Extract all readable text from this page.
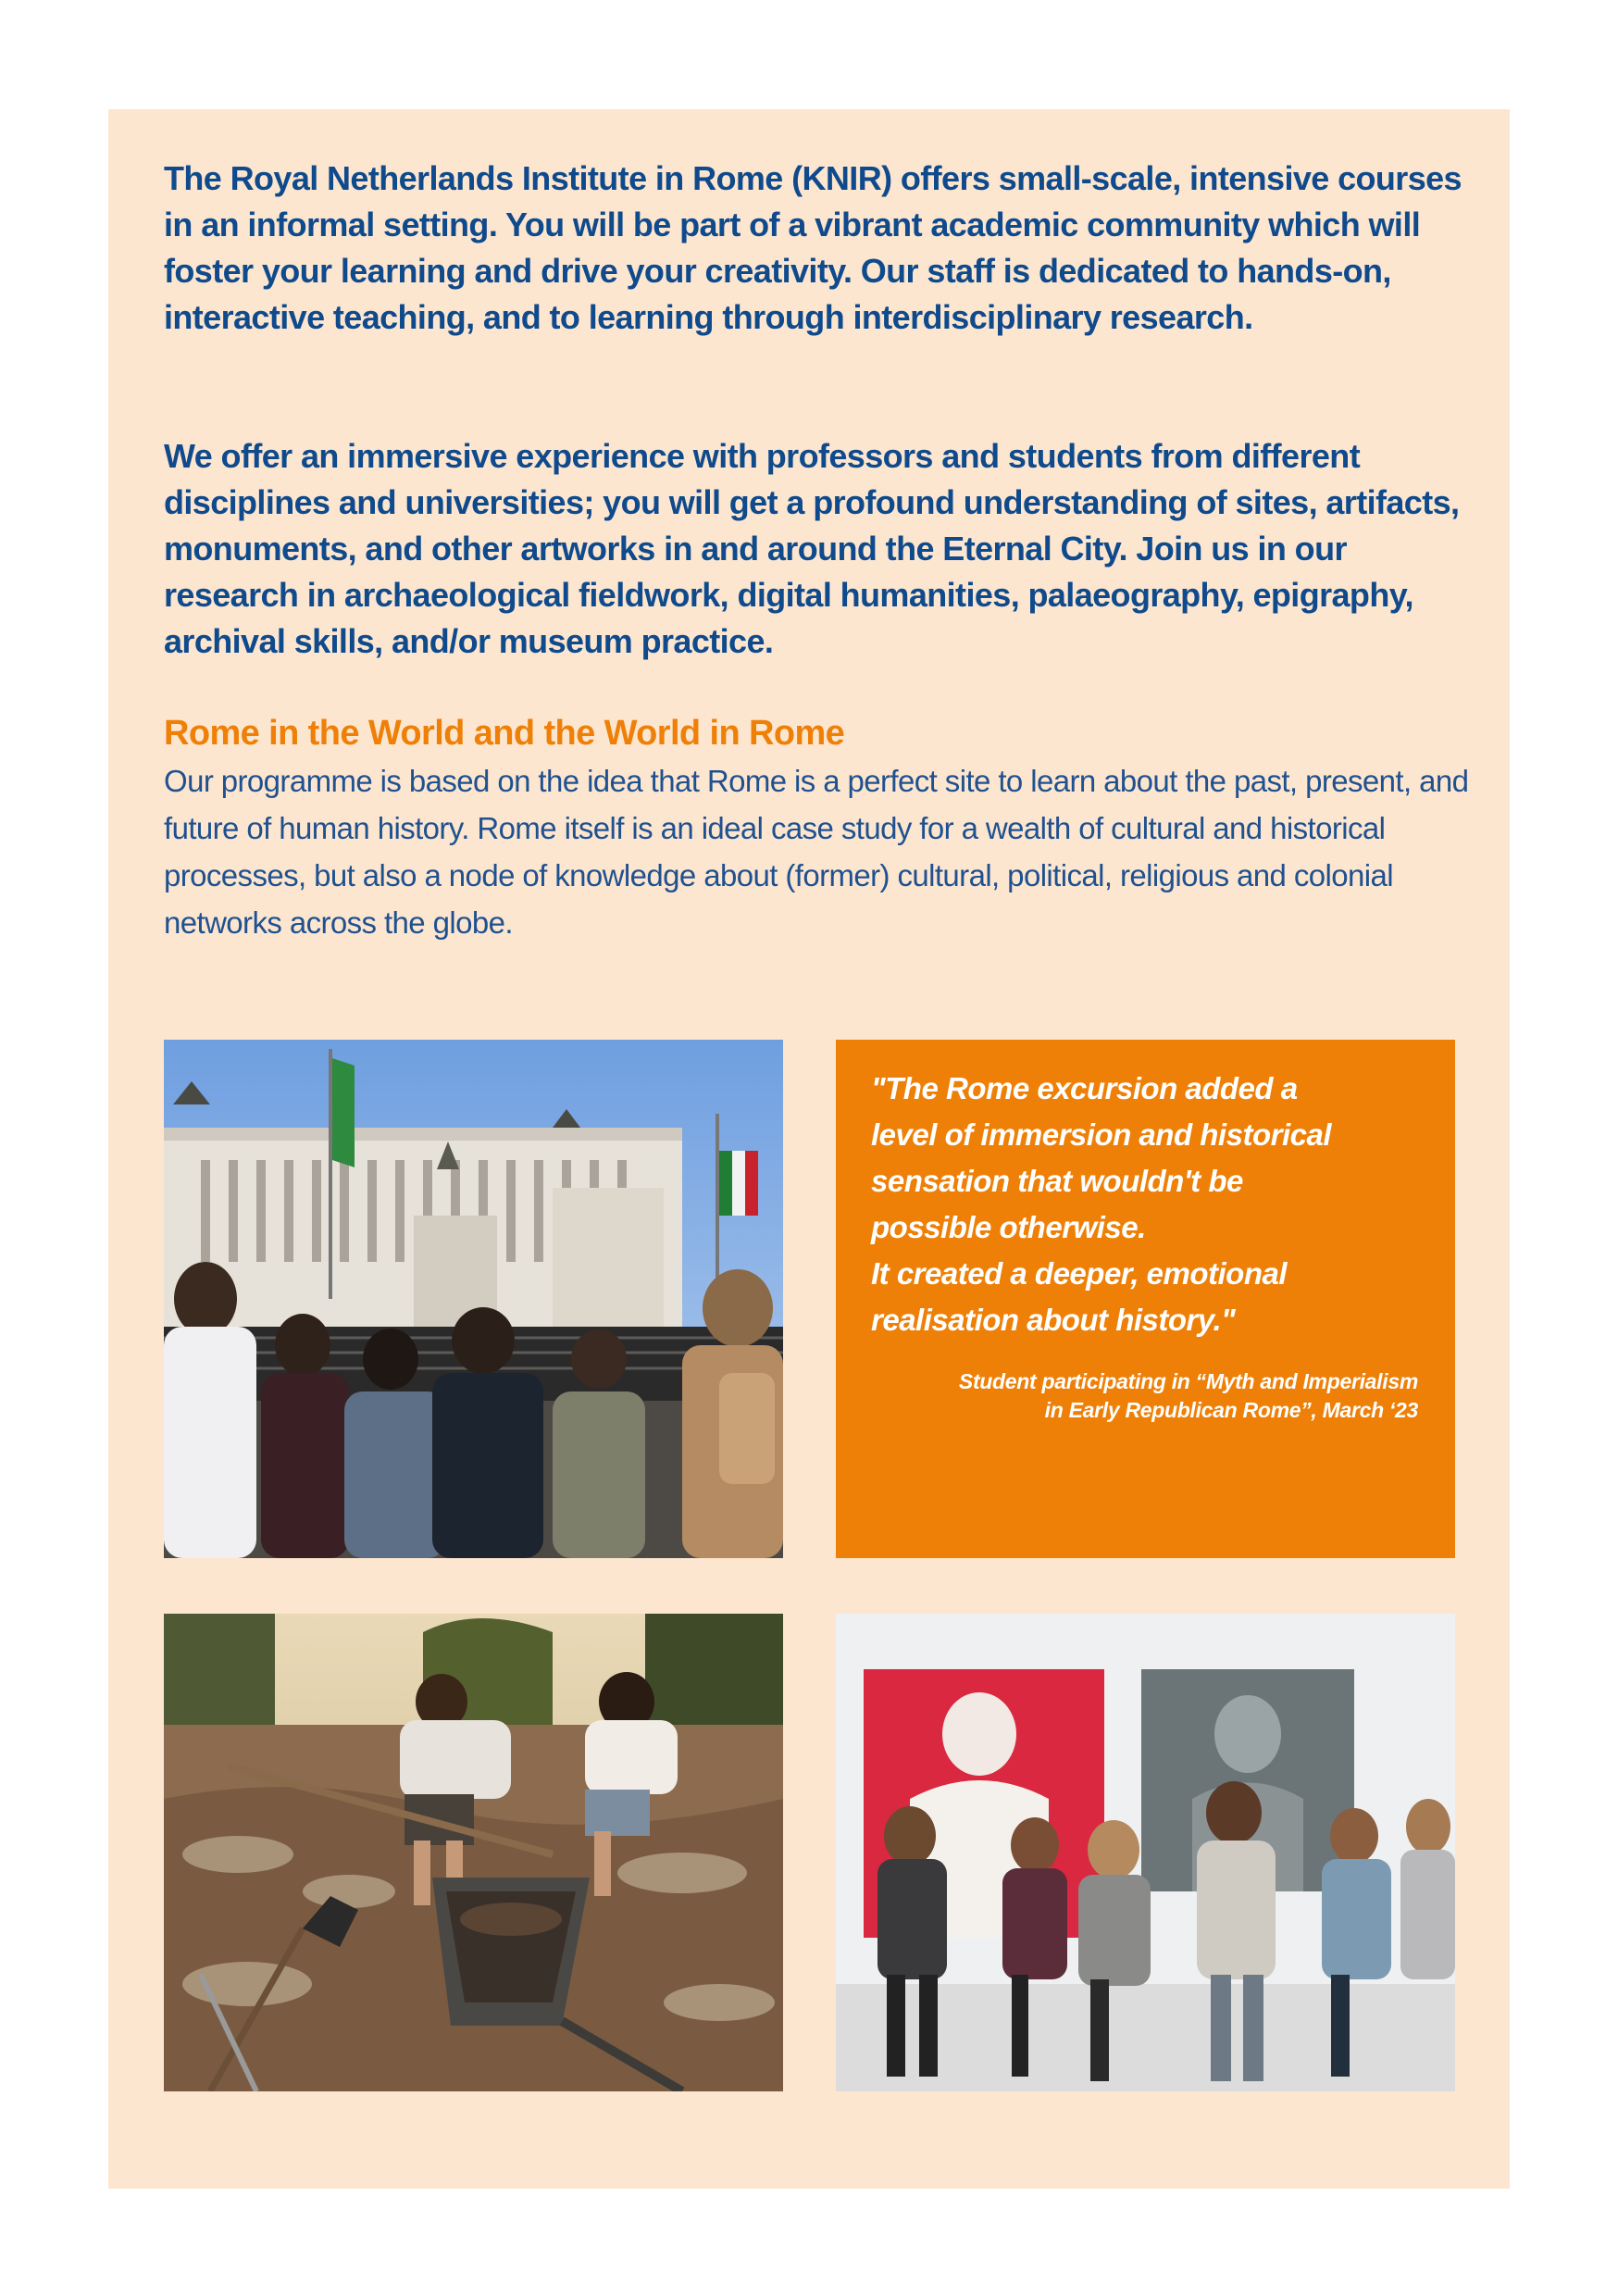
The Royal Netherlands Institute in Rome (KNIR) offers small-scale, intensive courses in an informal setting. You will be part of a vibrant academic community which will foster your learning and drive your creativity. Our staff is dedicated to hands-on, interactive teaching, and to learning through interdisciplinary research.

We offer an immersive experience with professors and students from different disciplines and universities; you will get a profound understanding of sites, artifacts, monuments, and other artworks in and around the Eternal City. Join us in our research in archaeological fieldwork, digital humanities, palaeography, epigraphy, archival skills, and/or museum practice.

Rome in the World and the World in Rome

Our programme is based on the idea that Rome is a perfect site to learn about the past, present, and future of human history. Rome itself is an ideal case study for a wealth of cultural and historical processes, but also a node of knowledge about (former) cultural, political, religious and colonial networks across the globe.

"The Rome excursion added a
level of immersion and historical
sensation that wouldn't be
possible otherwise.
It created a deeper, emotional
realisation about history."

Student participating in “Myth and Imperialism
in Early Republican Rome”, March ‘23
